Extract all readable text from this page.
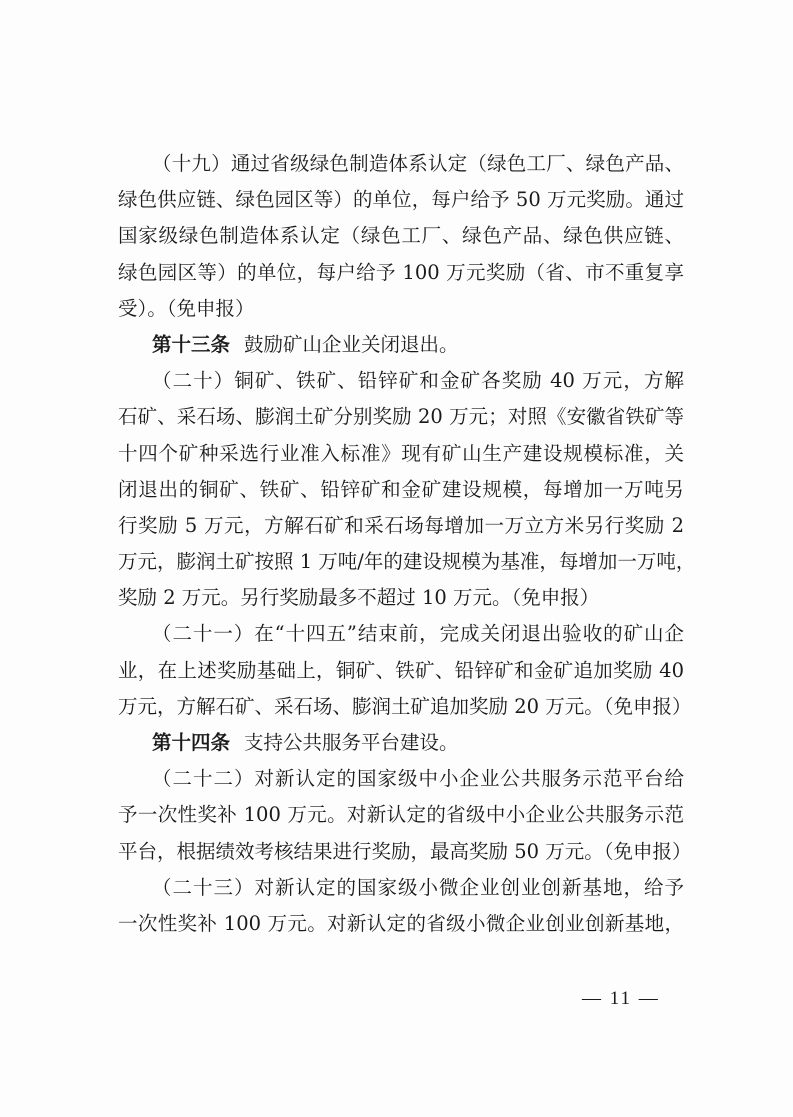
（十九）通过省级绿色制造体系认定（绿色工厂、绿色产品、
绿色供应链、绿色园区等）的单位，每户给予 50 万元奖励。通过
国家级绿色制造体系认定（绿色工厂、绿色产品、绿色供应链、
绿色园区等）的单位，每户给予 100 万元奖励（省、市不重复享
受）。（免申报）
第十三条 鼓励矿山企业关闭退出。
（二十）铜矿、铁矿、铅锌矿和金矿各奖励 40 万元，方解
石矿、采石场、膨润土矿分别奖励 20 万元；对照《安徽省铁矿等
十四个矿种采选行业准入标准》现有矿山生产建设规模标准，关
闭退出的铜矿、铁矿、铅锌矿和金矿建设规模，每增加一万吨另
行奖励 5 万元，方解石矿和采石场每增加一万立方米另行奖励 2
万元，膨润土矿按照 1 万吨/年的建设规模为基准，每增加一万吨，
奖励 2 万元。另行奖励最多不超过 10 万元。（免申报）
（二十一）在“十四五”结束前，完成关闭退出验收的矿山企
业，在上述奖励基础上，铜矿、铁矿、铅锌矿和金矿追加奖励 40
万元，方解石矿、采石场、膨润土矿追加奖励 20 万元。（免申报）
第十四条 支持公共服务平台建设。
（二十二）对新认定的国家级中小企业公共服务示范平台给
予一次性奖补 100 万元。对新认定的省级中小企业公共服务示范
平台，根据绩效考核结果进行奖励，最高奖励 50 万元。（免申报）
（二十三）对新认定的国家级小微企业创业创新基地，给予
一次性奖补 100 万元。对新认定的省级小微企业创业创新基地，
— 11 —
